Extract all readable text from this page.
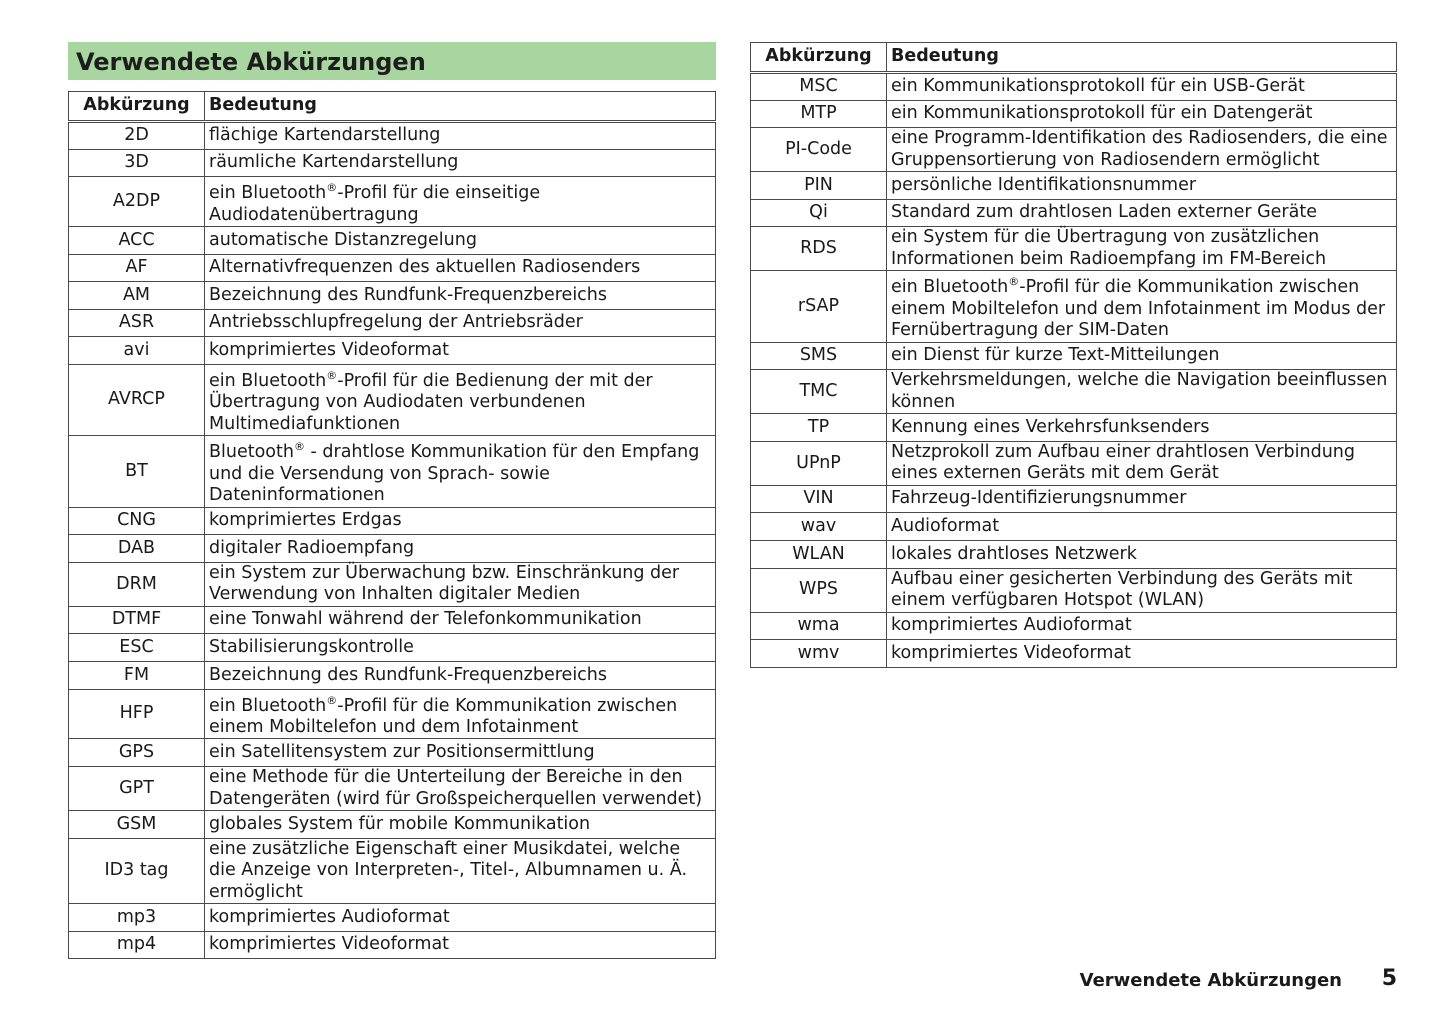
Verwendete Abkürzungen
Abkürzung	Bedeutung
2D	flächige Kartendarstellung
3D	räumliche Kartendarstellung
A2DP	ein Bluetooth®-Profil für die einseitige Audiodatenübertragung
ACC	automatische Distanzregelung
AF	Alternativfrequenzen des aktuellen Radiosenders
AM	Bezeichnung des Rundfunk-Frequenzbereichs
ASR	Antriebsschlupfregelung der Antriebsräder
avi	komprimiertes Videoformat
AVRCP	ein Bluetooth®-Profil für die Bedienung der mit der Übertragung von Audiodaten verbundenen Multimediafunktionen
BT	Bluetooth® - drahtlose Kommunikation für den Empfang und die Versendung von Sprach- sowie Dateninformationen
CNG	komprimiertes Erdgas
DAB	digitaler Radioempfang
DRM	ein System zur Überwachung bzw. Einschränkung der Verwendung von Inhalten digitaler Medien
DTMF	eine Tonwahl während der Telefonkommunikation
ESC	Stabilisierungskontrolle
FM	Bezeichnung des Rundfunk-Frequenzbereichs
HFP	ein Bluetooth®-Profil für die Kommunikation zwischen einem Mobiltelefon und dem Infotainment
GPS	ein Satellitensystem zur Positionsermittlung
GPT	eine Methode für die Unterteilung der Bereiche in den Datengeräten (wird für Großspeicherquellen verwendet)
GSM	globales System für mobile Kommunikation
ID3 tag	eine zusätzliche Eigenschaft einer Musikdatei, welche die Anzeige von Interpreten-, Titel-, Albumnamen u. Ä. ermöglicht
mp3	komprimiertes Audioformat
mp4	komprimiertes Videoformat
Abkürzung	Bedeutung
MSC	ein Kommunikationsprotokoll für ein USB-Gerät
MTP	ein Kommunikationsprotokoll für ein Datengerät
PI-Code	eine Programm-Identifikation des Radiosenders, die eine Gruppensortierung von Radiosendern ermöglicht
PIN	persönliche Identifikationsnummer
Qi	Standard zum drahtlosen Laden externer Geräte
RDS	ein System für die Übertragung von zusätzlichen Informationen beim Radioempfang im FM-Bereich
rSAP	ein Bluetooth®-Profil für die Kommunikation zwischen einem Mobiltelefon und dem Infotainment im Modus der Fernübertragung der SIM-Daten
SMS	ein Dienst für kurze Text-Mitteilungen
TMC	Verkehrsmeldungen, welche die Navigation beeinflussen können
TP	Kennung eines Verkehrsfunksenders
UPnP	Netzprokoll zum Aufbau einer drahtlosen Verbindung eines externen Geräts mit dem Gerät
VIN	Fahrzeug-Identifizierungsnummer
wav	Audioformat
WLAN	lokales drahtloses Netzwerk
WPS	Aufbau einer gesicherten Verbindung des Geräts mit einem verfügbaren Hotspot (WLAN)
wma	komprimiertes Audioformat
wmv	komprimiertes Videoformat
Verwendete Abkürzungen 5
